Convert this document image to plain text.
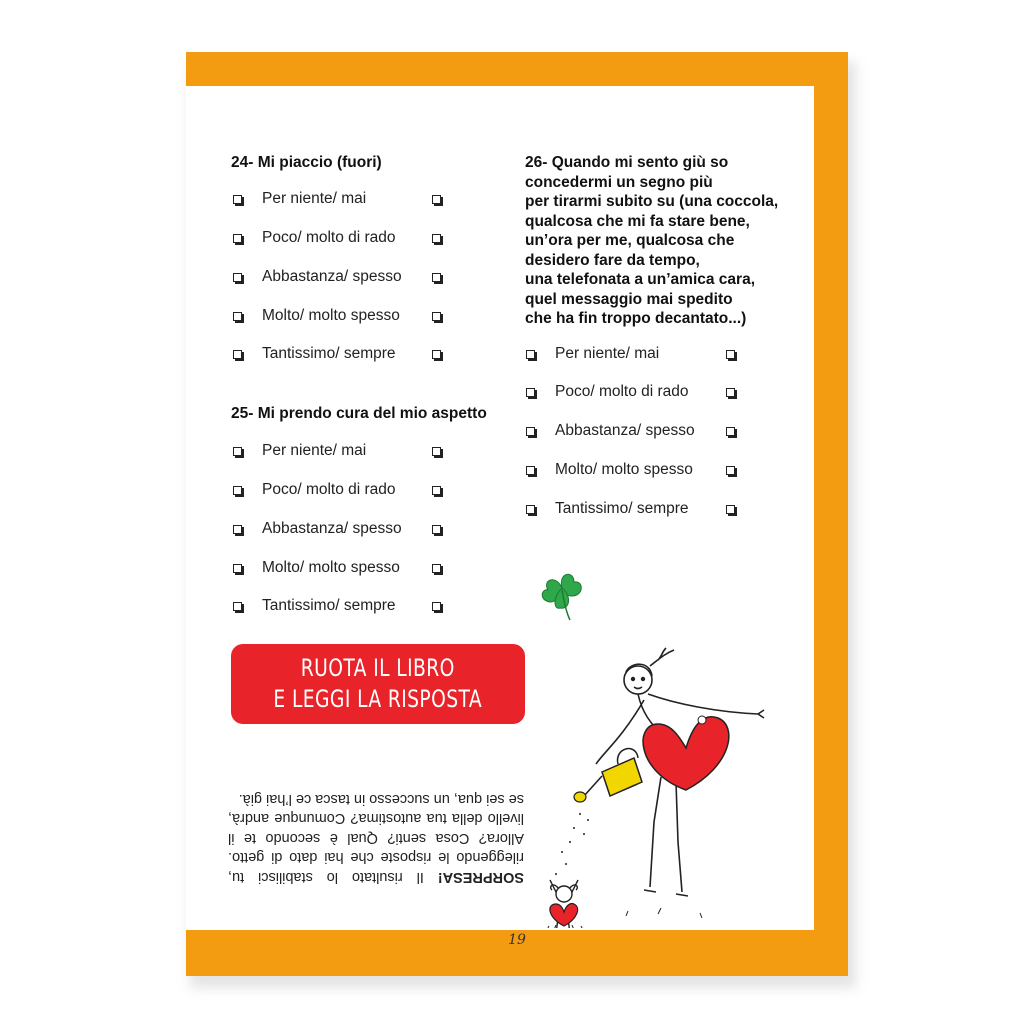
24- Mi piaccio (fuori)
Per niente/ mai
Poco/ molto di rado
Abbastanza/ spesso
Molto/ molto spesso
Tantissimo/ sempre
25- Mi prendo cura del mio aspetto
Per niente/ mai
Poco/ molto di rado
Abbastanza/ spesso
Molto/ molto spesso
Tantissimo/ sempre
26- Quando mi sento giù so
concedermi un segno più
per tirarmi subito su (una coccola,
qualcosa che mi fa stare bene,
un’ora per me, qualcosa che
desidero fare da tempo,
una telefonata a un’amica cara,
quel messaggio mai spedito
che ha fin troppo decantato...)
Per niente/ mai
Poco/ molto di rado
Abbastanza/ spesso
Molto/ molto spesso
Tantissimo/ sempre
RUOTA IL LIBRO
E LEGGI LA RISPOSTA
SORPRESA! Il risultato lo stabilisci tu, rileggendo le risposte che hai dato di getto. Allora? Cosa senti? Qual è secondo te il livello della tua autostima? Comunque andrà, se sei qua, un successo in tasca ce l’hai già.
19
